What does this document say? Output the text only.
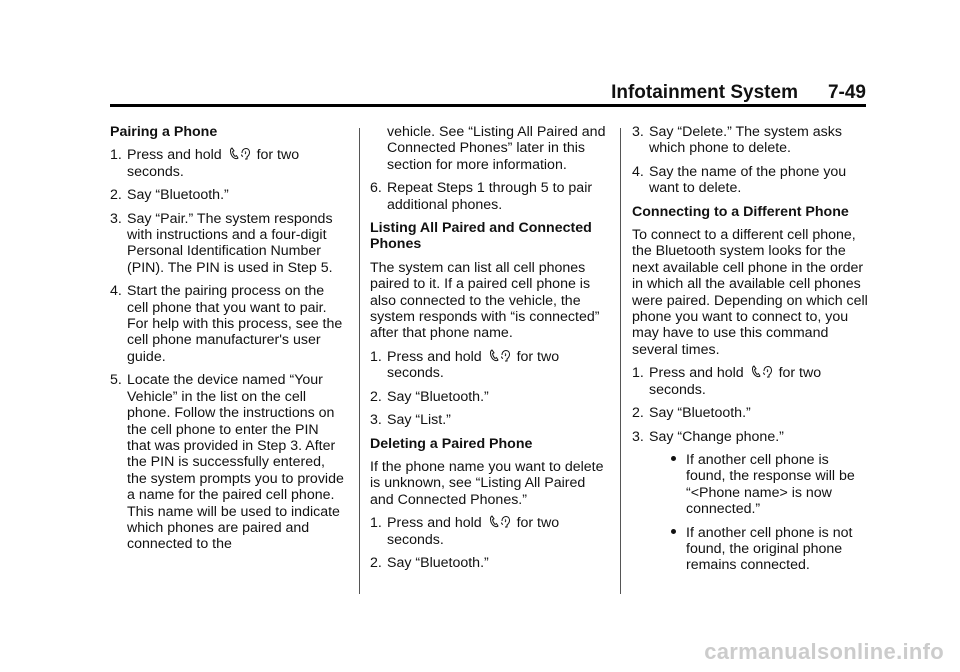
Infotainment System 7-49
Pairing a Phone
1. Press and hold for two seconds.
2. Say “Bluetooth.”
3. Say “Pair.” The system responds with instructions and a four-digit Personal Identification Number (PIN). The PIN is used in Step 5.
4. Start the pairing process on the cell phone that you want to pair. For help with this process, see the cell phone manufacturer's user guide.
5. Locate the device named “Your Vehicle” in the list on the cell phone. Follow the instructions on the cell phone to enter the PIN that was provided in Step 3. After the PIN is successfully entered, the system prompts you to provide a name for the paired cell phone. This name will be used to indicate which phones are paired and connected to the
vehicle. See “Listing All Paired and Connected Phones” later in this section for more information.
6. Repeat Steps 1 through 5 to pair additional phones.
Listing All Paired and Connected Phones

The system can list all cell phones paired to it. If a paired cell phone is also connected to the vehicle, the system responds with “is connected” after that phone name.

1. Press and hold for two seconds.
2. Say “Bluetooth.”
3. Say “List.”
Deleting a Paired Phone

If the phone name you want to delete is unknown, see “Listing All Paired and Connected Phones.”

1. Press and hold for two seconds.
2. Say “Bluetooth.”
3. Say “Delete.” The system asks which phone to delete.
4. Say the name of the phone you want to delete.
Connecting to a Different Phone

To connect to a different cell phone, the Bluetooth system looks for the next available cell phone in the order in which all the available cell phones were paired. Depending on which cell phone you want to connect to, you may have to use this command several times.

1. Press and hold for two seconds.
2. Say “Bluetooth.”
3. Say “Change phone.”
If another cell phone is found, the response will be “<Phone name> is now connected.”
If another cell phone is not found, the original phone remains connected.
carmanualsonline.info
